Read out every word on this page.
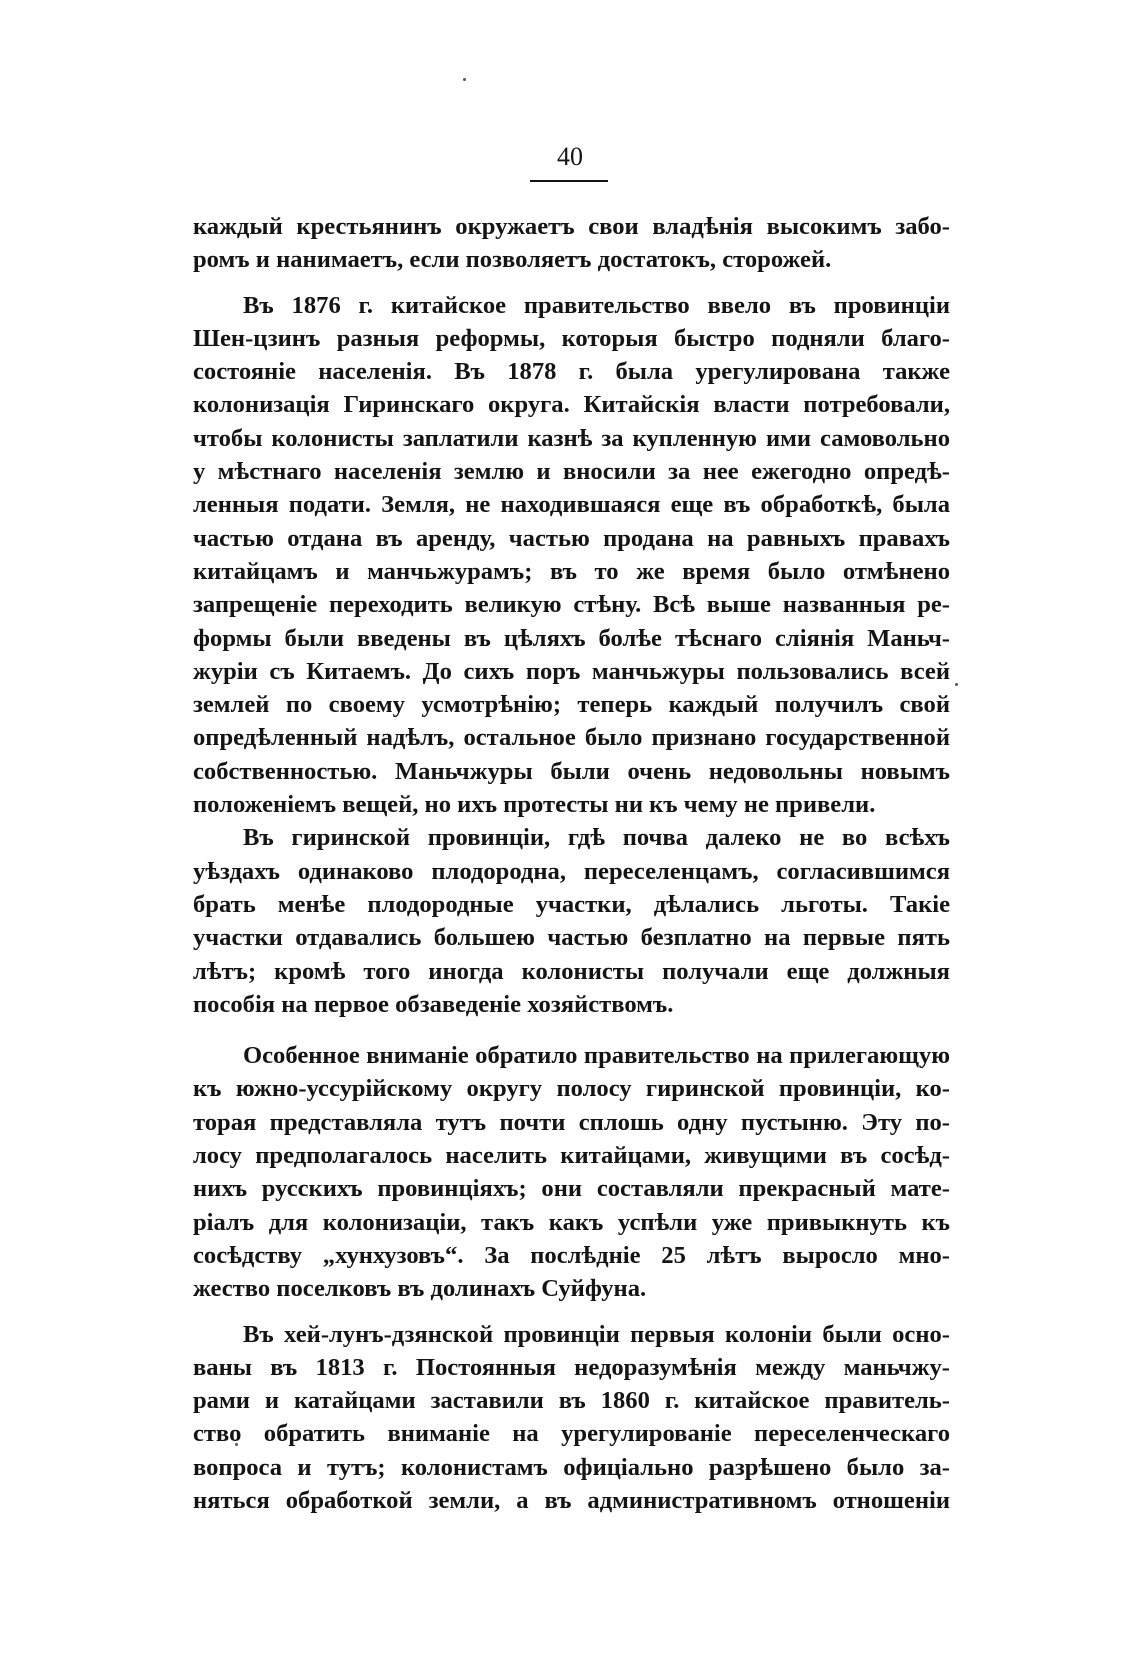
40
каждый крестьянинъ окружаетъ свои владѣнія высокимъ забо-
ромъ и нанимаетъ, если позволяетъ достатокъ, сторожей.
Въ 1876 г. китайское правительство ввело въ провинціи
Шен-цзинъ разныя реформы, которыя быстро подняли благо-
состояніе населенія. Въ 1878 г. была урегулирована также
колонизація Гиринскаго округа. Китайскія власти потребовали,
чтобы колонисты заплатили казнѣ за купленную ими самовольно
у мѣстнаго населенія землю и вносили за нее ежегодно опредѣ-
ленныя подати. Земля, не находившаяся еще въ обработкѣ, была
частью отдана въ аренду, частью продана на равныхъ правахъ
китайцамъ и манчьжурамъ; въ то же время было отмѣнено
запрещеніе переходить великую стѣну. Всѣ выше названныя ре-
формы были введены въ цѣляхъ болѣе тѣснаго сліянія Маньч-
журіи съ Китаемъ. До сихъ поръ манчьжуры пользовались всей
землей по своему усмотрѣнію; теперь каждый получилъ свой
опредѣленный надѣлъ, остальное было признано государственной
собственностью. Маньчжуры были очень недовольны новымъ
положеніемъ вещей, но ихъ протесты ни къ чему не привели.
Въ гиринской провинціи, гдѣ почва далеко не во всѣхъ
уѣздахъ одинаково плодородна, переселенцамъ, согласившимся
брать менѣе плодородные участки, дѣлались льготы. Такіе
участки отдавались большею частью безплатно на первые пять
лѣтъ; кромѣ того иногда колонисты получали еще должныя
пособія на первое обзаведеніе хозяйствомъ.
Особенное вниманіе обратило правительство на прилегающую
къ южно-уссурійскому округу полосу гиринской провинціи, ко-
торая представляла тутъ почти сплошь одну пустыню. Эту по-
лосу предполагалось населить китайцами, живущими въ сосѣд-
нихъ русскихъ провинціяхъ; они составляли прекрасный мате-
ріалъ для колонизаціи, такъ какъ успѣли уже привыкнуть къ
сосѣдству „хунхузовъ“. За послѣдніе 25 лѣтъ выросло мно-
жество поселковъ въ долинахъ Суйфуна.
Въ хей-лунъ-дзянской провинціи первыя колоніи были осно-
ваны въ 1813 г. Постоянныя недоразумѣнія между маньчжу-
рами и катайцами заставили въ 1860 г. китайское правитель-
ство обратить вниманіе на урегулированіе переселенческаго
вопроса и тутъ; колонистамъ офиціально разрѣшено было за-
няться обработкой земли, а въ административномъ отношеніи
